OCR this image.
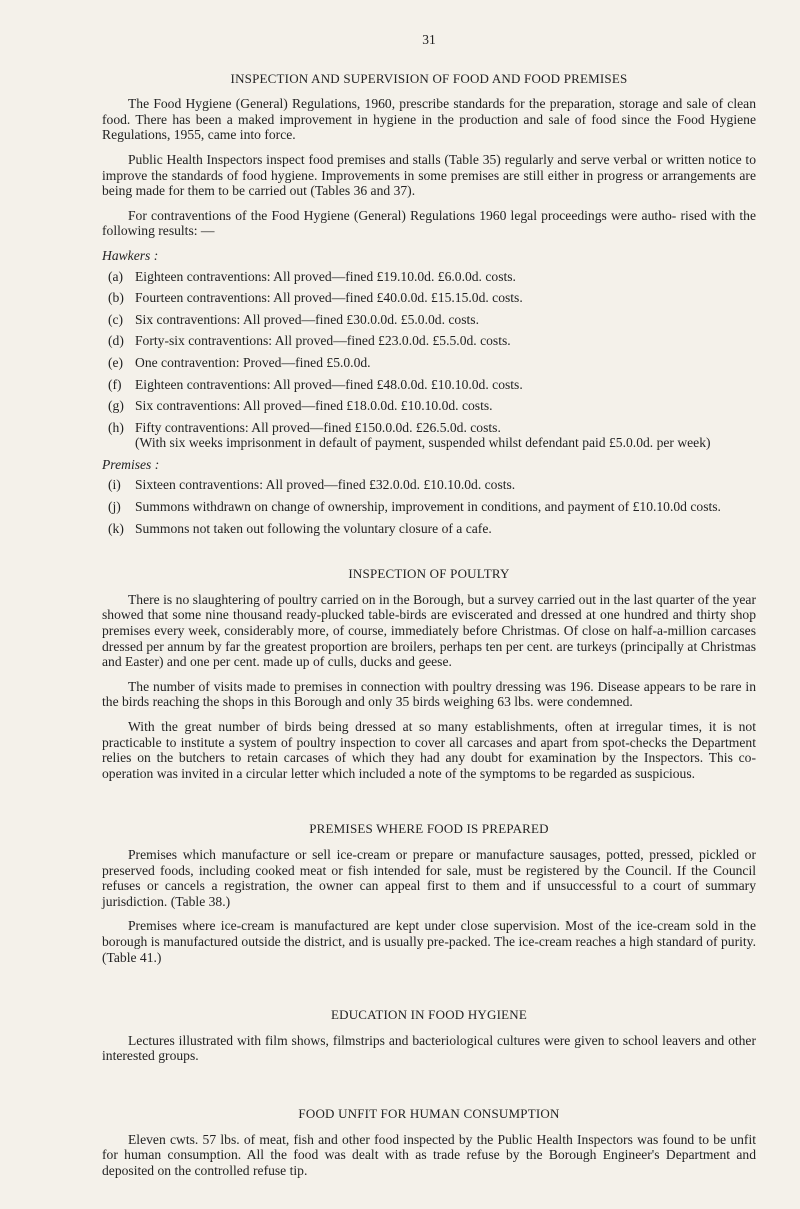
31
INSPECTION AND SUPERVISION OF FOOD AND FOOD PREMISES

The Food Hygiene (General) Regulations, 1960, prescribe standards for the preparation, storage and sale of clean food. There has been a maked improvement in hygiene in the production and sale of food since the Food Hygiene Regulations, 1955, came into force.

Public Health Inspectors inspect food premises and stalls (Table 35) regularly and serve verbal or written notice to improve the standards of food hygiene. Improvements in some premises are still either in progress or arrangements are being made for them to be carried out (Tables 36 and 37).

For contraventions of the Food Hygiene (General) Regulations 1960 legal proceedings were autho- rised with the following results: —

Hawkers :

(a) Eighteen contraventions: All proved—fined £19.10.0d. £6.0.0d. costs.
(b) Fourteen contraventions: All proved—fined £40.0.0d. £15.15.0d. costs.
(c) Six contraventions: All proved—fined £30.0.0d. £5.0.0d. costs.
(d) Forty-six contraventions: All proved—fined £23.0.0d. £5.5.0d. costs.
(e) One contravention: Proved—fined £5.0.0d.
(f) Eighteen contraventions: All proved—fined £48.0.0d. £10.10.0d. costs.
(g) Six contraventions: All proved—fined £18.0.0d. £10.10.0d. costs.
(h) Fifty contraventions: All proved—fined £150.0.0d. £26.5.0d. costs.
(With six weeks imprisonment in default of payment, suspended whilst defendant paid £5.0.0d. per week)

Premises :

(i)	Sixteen contraventions: All proved—fined £32.0.0d. £10.10.0d. costs.
(j)	Summons withdrawn on change of ownership, improvement in conditions, and payment of £10.10.0d costs.
(k) Summons not taken out following the voluntary closure of a cafe.
INSPECTION OF POULTRY

There is no slaughtering of poultry carried on in the Borough, but a survey carried out in the last quarter of the year showed that some nine thousand ready-plucked table-birds are eviscerated and dressed at one hundred and thirty shop premises every week, considerably more, of course, immediately before Christmas. Of close on half-a-million carcases dressed per annum by far the greatest proportion are broilers, perhaps ten per cent. are turkeys (principally at Christmas and Easter) and one per cent. made up of culls, ducks and geese.

The number of visits made to premises in connection with poultry dressing was 196. Disease appears to be rare in the birds reaching the shops in this Borough and only 35 birds weighing 63 lbs. were condemned.

With the great number of birds being dressed at so many establishments, often at irregular times, it is not practicable to institute a system of poultry inspection to cover all carcases and apart from spot-checks the Department relies on the butchers to retain carcases of which they had any doubt for examination by the Inspectors. This co-operation was invited in a circular letter which included a note of the symptoms to be regarded as suspicious.

PREMISES WHERE FOOD IS PREPARED

Premises which manufacture or sell ice-cream or prepare or manufacture sausages, potted, pressed, pickled or preserved foods, including cooked meat or fish intended for sale, must be registered by the Council. If the Council refuses or cancels a registration, the owner can appeal first to them and if unsuccessful to a court of summary jurisdiction. (Table 38.)

Premises where ice-cream is manufactured are kept under close supervision. Most of the ice-cream sold in the borough is manufactured outside the district, and is usually pre-packed. The ice-cream reaches a high standard of purity. (Table 41.)

EDUCATION IN FOOD HYGIENE

Lectures illustrated with film shows, filmstrips and bacteriological cultures were given to school leavers and other interested groups.

FOOD UNFIT FOR HUMAN CONSUMPTION

Eleven cwts. 57 lbs. of meat, fish and other food inspected by the Public Health Inspectors was found to be unfit for human consumption. All the food was dealt with as trade refuse by the Borough Engineer's Department and deposited on the controlled refuse tip.
